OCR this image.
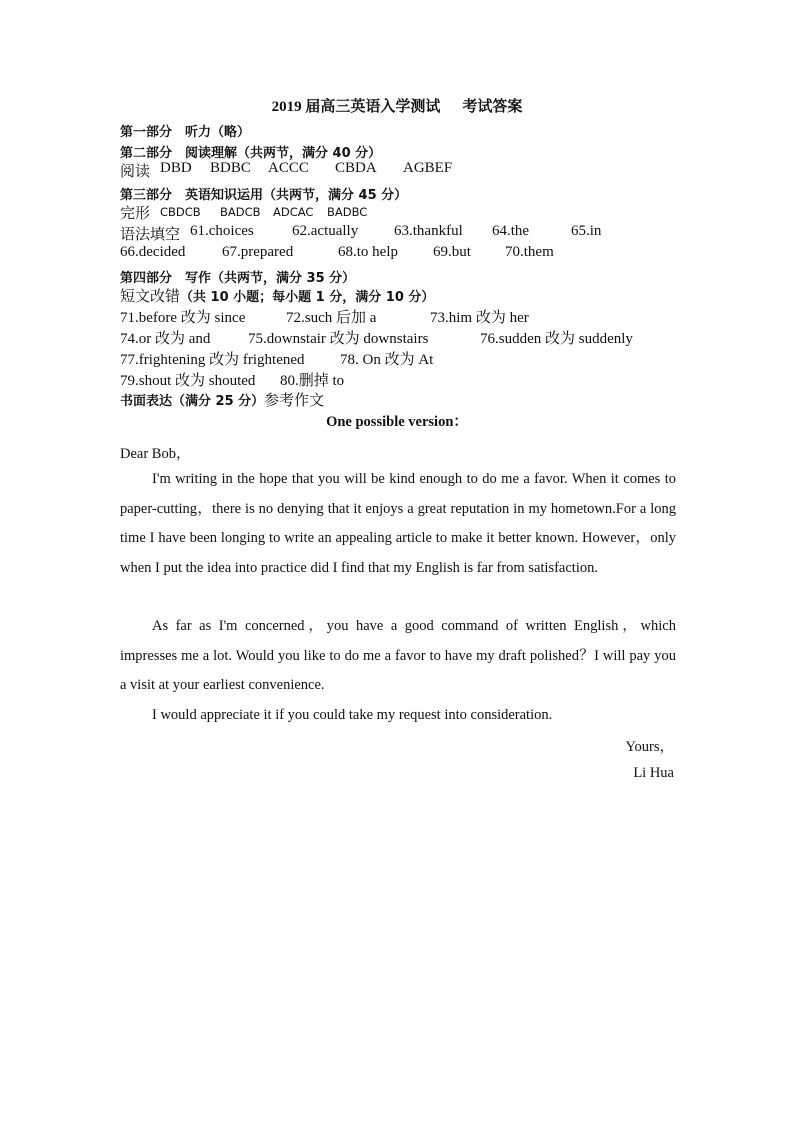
2019 届高三英语入学测试 考试答案
第一部分　听力（略）
第二部分　阅读理解（共两节，满分 40 分）
阅读 DBD BDBC ACCC CBDA AGBEF
第三部分　英语知识运用（共两节，满分 45 分）
完形 CBDCB BADCB ADCAC BADBC
语法填空 61.choices	62.actually 63.thankful 64.the	65.in
66.decided 67.prepared	68.to help 69.but 70.them
第四部分　写作（共两节，满分 35 分）
短文改错（共 10 小题；每小题 1 分，满分 10 分）
71.before 改为 since	72.such 后加 a	73.him 改为 her
74.or 改为 and	75.downstair 改为 downstairs	76.sudden 改为 suddenly
77.frightening 改为 frightened 78. On 改为 At
79.shout 改为 shouted 80.删掉 to
书面表达（满分 25 分）参考作文
One possible version：
Dear Bob，

I'm writing in the hope that you will be kind enough to do me a favor. When it comes to paper-cutting，there is no denying that it enjoys a great reputation in my hometown.For a long time I have been longing to write an appealing article to make it better known. However，only when I put the idea into practice did I find that my English is far from satisfaction.

As far as I'm concerned，you have a good command of written English，which impresses me a lot. Would you like to do me a favor to have my draft polished？I will pay you a visit at your earliest convenience.

I would appreciate it if you could take my request into consideration.

Yours，
Li Hua
